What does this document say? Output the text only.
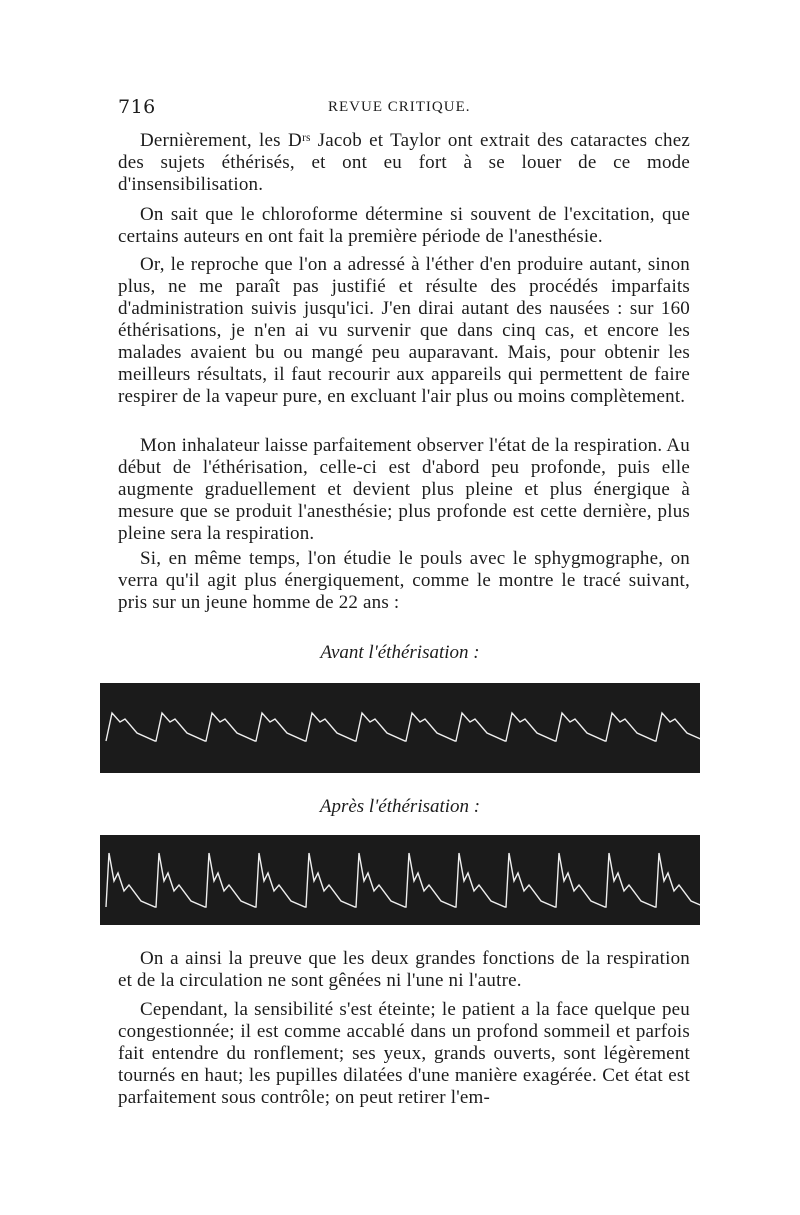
716	REVUE CRITIQUE.

Dernièrement, les Dʳˢ Jacob et Taylor ont extrait des cataractes chez des sujets éthérisés, et ont eu fort à se louer de ce mode d'insensibilisation.

On sait que le chloroforme détermine si souvent de l'excitation, que certains auteurs en ont fait la première période de l'anesthésie.

Or, le reproche que l'on a adressé à l'éther d'en produire autant, sinon plus, ne me paraît pas justifié et résulte des procédés imparfaits d'administration suivis jusqu'ici. J'en dirai autant des nausées : sur 160 éthérisations, je n'en ai vu survenir que dans cinq cas, et encore les malades avaient bu ou mangé peu auparavant. Mais, pour obtenir les meilleurs résultats, il faut recourir aux appareils qui permettent de faire respirer de la vapeur pure, en excluant l'air plus ou moins complètement.

Mon inhalateur laisse parfaitement observer l'état de la respiration. Au début de l'éthérisation, celle-ci est d'abord peu profonde, puis elle augmente graduellement et devient plus pleine et plus énergique à mesure que se produit l'anesthésie; plus profonde est cette dernière, plus pleine sera la respiration.

Si, en même temps, l'on étudie le pouls avec le sphygmographe, on verra qu'il agit plus énergiquement, comme le montre le tracé suivant, pris sur un jeune homme de 22 ans :

Avant l'éthérisation :

Après l'éthérisation :

On a ainsi la preuve que les deux grandes fonctions de la respiration et de la circulation ne sont gênées ni l'une ni l'autre.

Cependant, la sensibilité s'est éteinte; le patient a la face quelque peu congestionnée; il est comme accablé dans un profond sommeil et parfois fait entendre du ronflement; ses yeux, grands ouverts, sont légèrement tournés en haut; les pupilles dilatées d'une manière exagérée. Cet état est parfaitement sous contrôle; on peut retirer l'em-
